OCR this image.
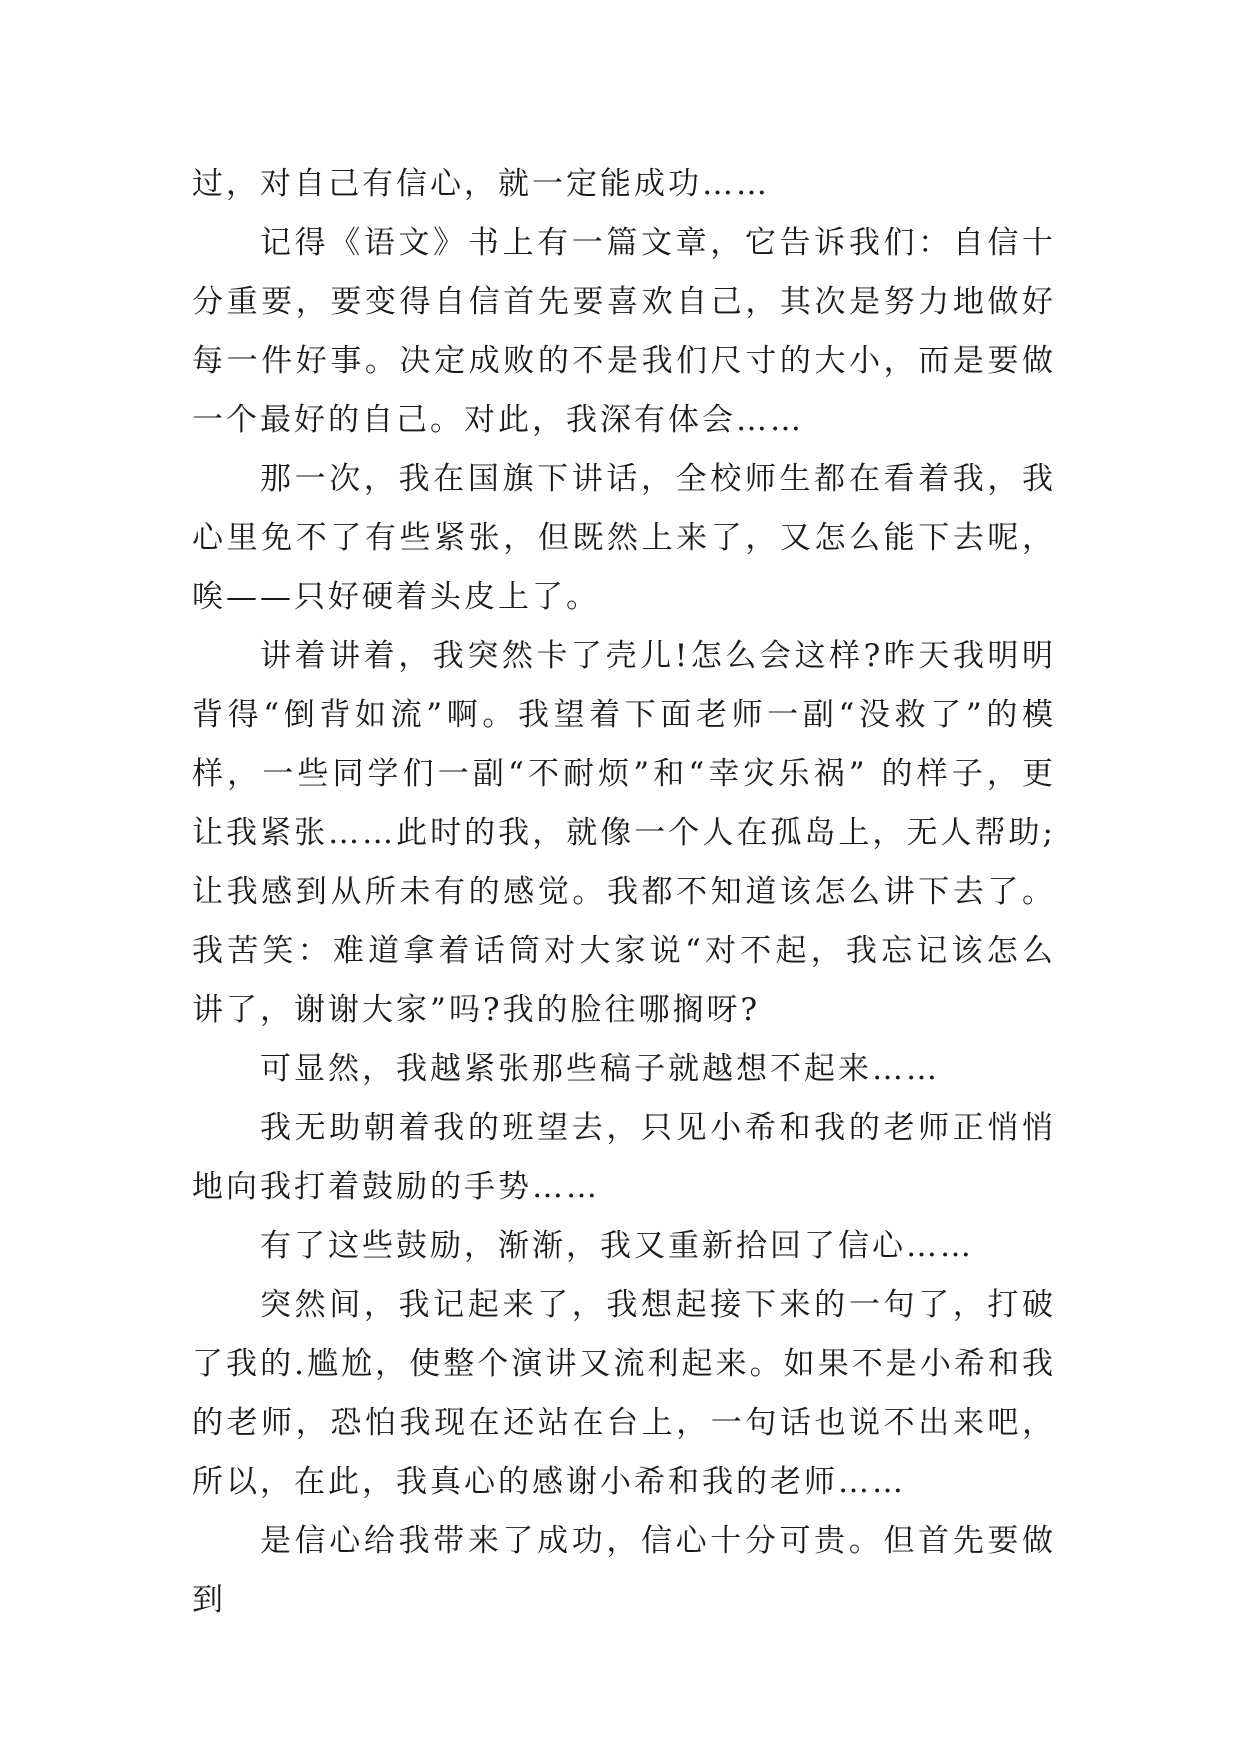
过，对自己有信心，就一定能成功……

记得《语文》书上有一篇文章，它告诉我们：自信十分重要，要变得自信首先要喜欢自己，其次是努力地做好每一件好事。决定成败的不是我们尺寸的大小，而是要做一个最好的自己。对此，我深有体会……

那一次，我在国旗下讲话，全校师生都在看着我，我心里免不了有些紧张，但既然上来了，又怎么能下去呢，唉——只好硬着头皮上了。

讲着讲着，我突然卡了壳儿!怎么会这样?昨天我明明背得“倒背如流”啊。我望着下面老师一副“没救了”的模样，一些同学们一副“不耐烦”和“幸灾乐祸” 的样子，更让我紧张……此时的我，就像一个人在孤岛上，无人帮助;让我感到从所未有的感觉。我都不知道该怎么讲下去了。我苦笑：难道拿着话筒对大家说“对不起，我忘记该怎么讲了，谢谢大家”吗?我的脸往哪搁呀?

可显然，我越紧张那些稿子就越想不起来……

我无助朝着我的班望去，只见小希和我的老师正悄悄地向我打着鼓励的手势……

有了这些鼓励，渐渐，我又重新拾回了信心……

突然间，我记起来了，我想起接下来的一句了，打破了我的.尴尬，使整个演讲又流利起来。如果不是小希和我的老师，恐怕我现在还站在台上，一句话也说不出来吧，所以，在此，我真心的感谢小希和我的老师……

是信心给我带来了成功，信心十分可贵。但首先要做到
